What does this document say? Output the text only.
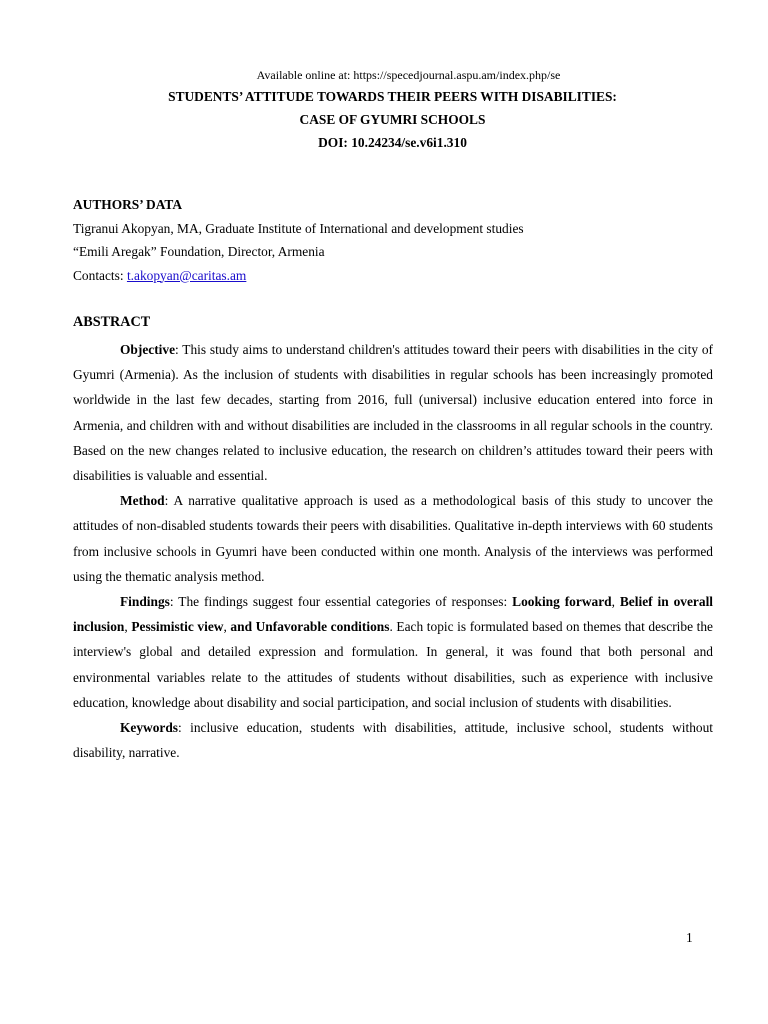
Available online at: https://specedjournal.aspu.am/index.php/se
STUDENTS’ ATTITUDE TOWARDS THEIR PEERS WITH DISABILITIES:
CASE OF GYUMRI SCHOOLS
DOI: 10.24234/se.v6i1.310
AUTHORS’ DATA
Tigranui Akopyan, MA, Graduate Institute of International and development studies
“Emili Aregak” Foundation, Director, Armenia
Contacts: t.akopyan@caritas.am
ABSTRACT

Objective: This study aims to understand children's attitudes toward their peers with disabilities in the city of Gyumri (Armenia). As the inclusion of students with disabilities in regular schools has been increasingly promoted worldwide in the last few decades, starting from 2016, full (universal) inclusive education entered into force in Armenia, and children with and without disabilities are included in the classrooms in all regular schools in the country. Based on the new changes related to inclusive education, the research on children’s attitudes toward their peers with disabilities is valuable and essential.

Method: A narrative qualitative approach is used as a methodological basis of this study to uncover the attitudes of non-disabled students towards their peers with disabilities. Qualitative in-depth interviews with 60 students from inclusive schools in Gyumri have been conducted within one month. Analysis of the interviews was performed using the thematic analysis method.

Findings: The findings suggest four essential categories of responses: Looking forward, Belief in overall inclusion, Pessimistic view, and Unfavorable conditions. Each topic is formulated based on themes that describe the interview's global and detailed expression and formulation. In general, it was found that both personal and environmental variables relate to the attitudes of students without disabilities, such as experience with inclusive education, knowledge about disability and social participation, and social inclusion of students with disabilities.

Keywords: inclusive education, students with disabilities, attitude, inclusive school, students without disability, narrative.

1
